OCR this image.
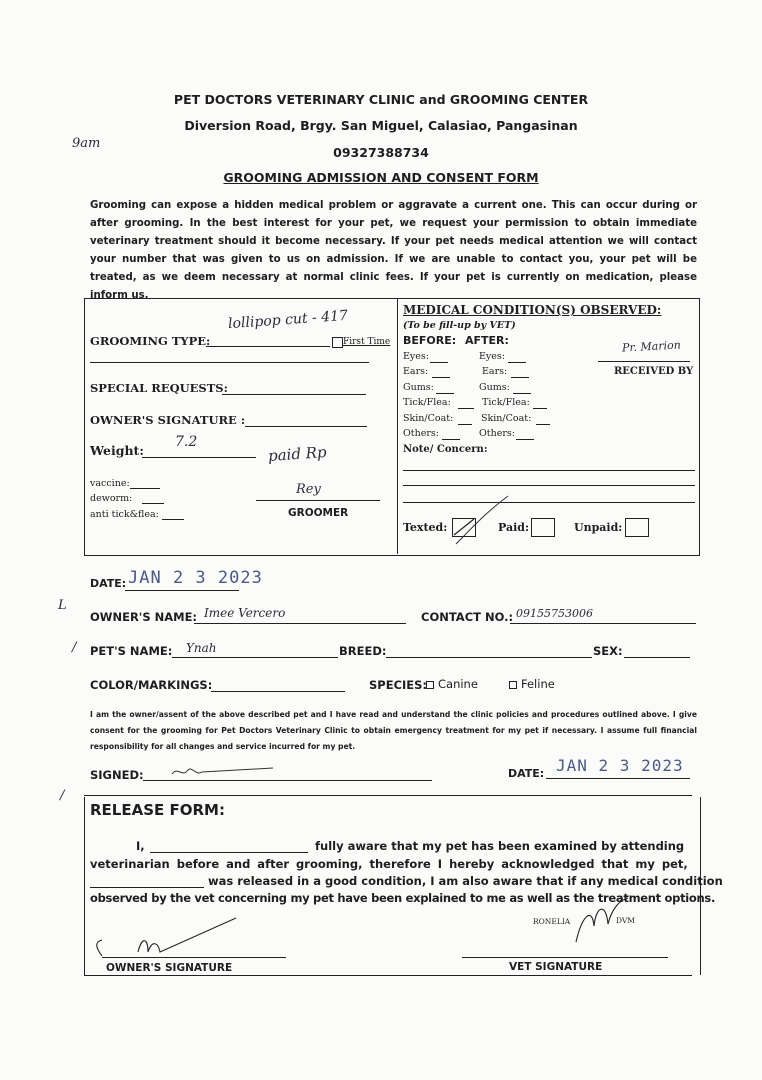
PET DOCTORS VETERINARY CLINIC and GROOMING CENTER
Diversion Road, Brgy. San Miguel, Calasiao, Pangasinan
09327388734
GROOMING ADMISSION AND CONSENT FORM
9am
Grooming can expose a hidden medical problem or aggravate a current one. This can occur during or after grooming. In the best interest for your pet, we request your permission to obtain immediate veterinary treatment should it become necessary. If your pet needs medical attention we will contact your number that was given to us on admission. If we are unable to contact you, your pet will be treated, as we deem necessary at normal clinic fees. If your pet is currently on medication, please inform us.
GROOMING TYPE:
lollipop cut - 417
First Time
SPECIAL REQUESTS:
OWNER'S SIGNATURE :
Weight:
7.2
paid Rp
vaccine:
deworm:
anti tick&flea:
Rey
GROOMER
MEDICAL CONDITION(S) OBSERVED:
(To be fill-up by VET)
BEFORE: AFTER:
Eyes:	Eyes:
Ears:	Ears:
Gums:	Gums:
Tick/Flea:	Tick/Flea:
Skin/Coat:	Skin/Coat:
Others:	Others:
Note/ Concern:
Pr. Marion
RECEIVED BY
Texted:	Paid:	Unpaid:
DATE: JAN 2 3 2023
L
OWNER'S NAME: Imee Vercero	CONTACT NO.: 09155753006
/ PET'S NAME: Ynah	BREED:	SEX:
COLOR/MARKINGS:	SPECIES: Canine	Feline
I am the owner/assent of the above described pet and I have read and understand the clinic policies and procedures outlined above. I give consent for the grooming for Pet Doctors Veterinary Clinic to obtain emergency treatment for my pet if necessary. I assume full financial responsibility for all changes and service incurred for my pet.
SIGNED:	DATE: JAN 2 3 2023
/
RELEASE FORM:
I,	fully aware that my pet has been examined by attending
veterinarian before and after grooming, therefore I hereby acknowledged that my pet,
was released in a good condition, I am also aware that if any medical condition
observed by the vet concerning my pet have been explained to me as well as the treatment options.
OWNER'S SIGNATURE
RONELIA	DVM
VET SIGNATURE
